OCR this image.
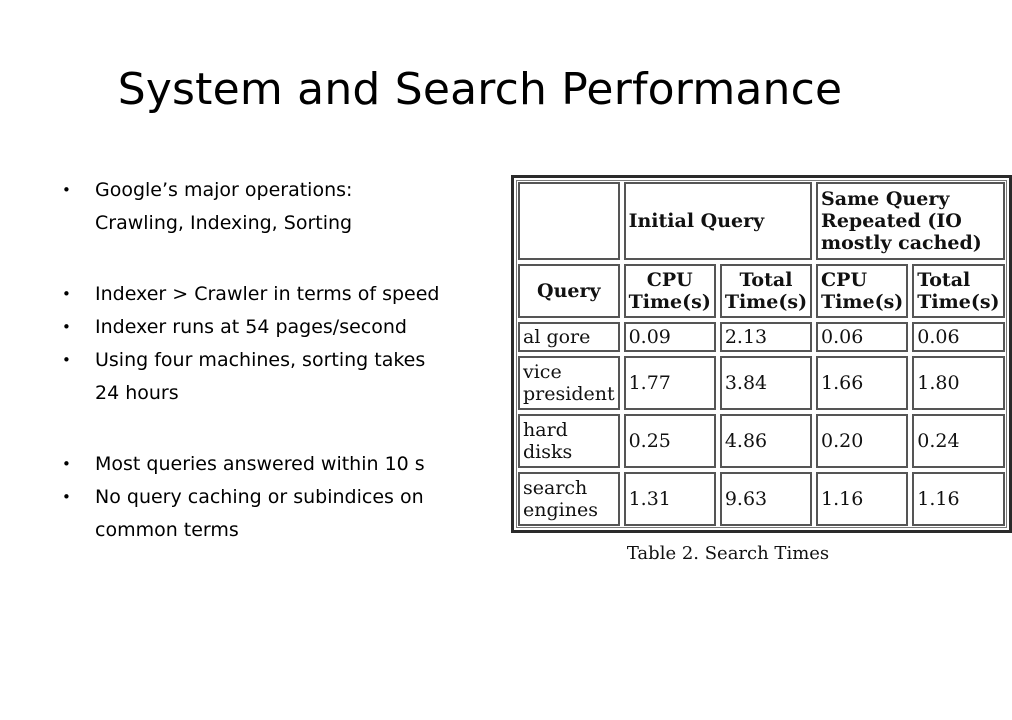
System and Search Performance
• Google’s major operations:
Crawling, Indexing, Sorting
• Indexer > Crawler in terms of speed
• Indexer runs at 54 pages/second
• Using four machines, sorting takes
24 hours
• Most queries answered within 10 s
• No query caching or subindices on
common terms
	Initial Query		Same Query Repeated (IO mostly cached)	
Query	CPU Time(s)	Total Time(s)	CPU Time(s)	Total Time(s)
al gore	0.09	2.13	0.06	0.06
vice president	1.77	3.84	1.66	1.80
hard disks	0.25	4.86	0.20	0.24
search engines	1.31	9.63	1.16	1.16
Table 2. Search Times
